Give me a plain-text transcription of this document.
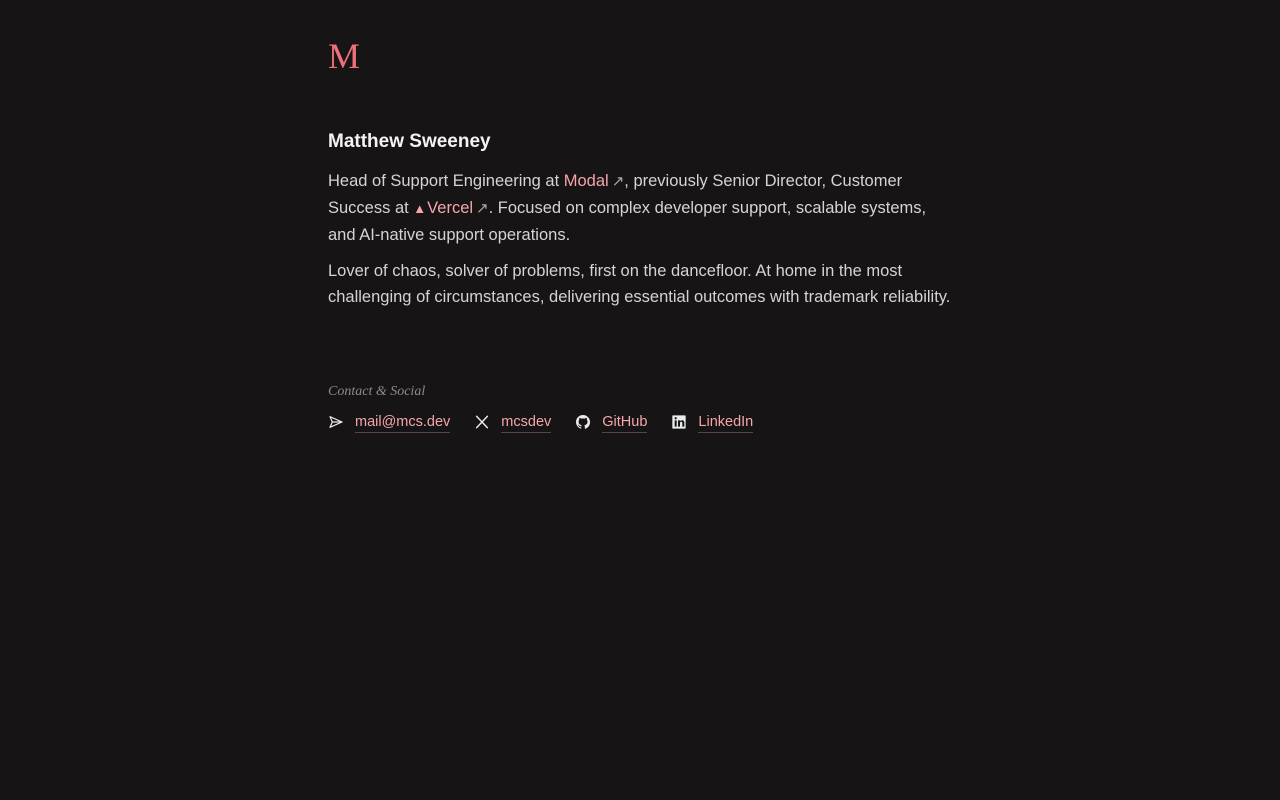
M
Matthew Sweeney

Head of Support Engineering at Modal ↗, previously Senior Director, Customer Success at ▲Vercel ↗. Focused on complex developer support, scalable systems, and AI-native support operations.

Lover of chaos, solver of problems, first on the dancefloor. At home in the most challenging of circumstances, delivering essential outcomes with trademark reliability.

Contact & Social
mail@mcs.dev	mcsdev	GitHub	LinkedIn
